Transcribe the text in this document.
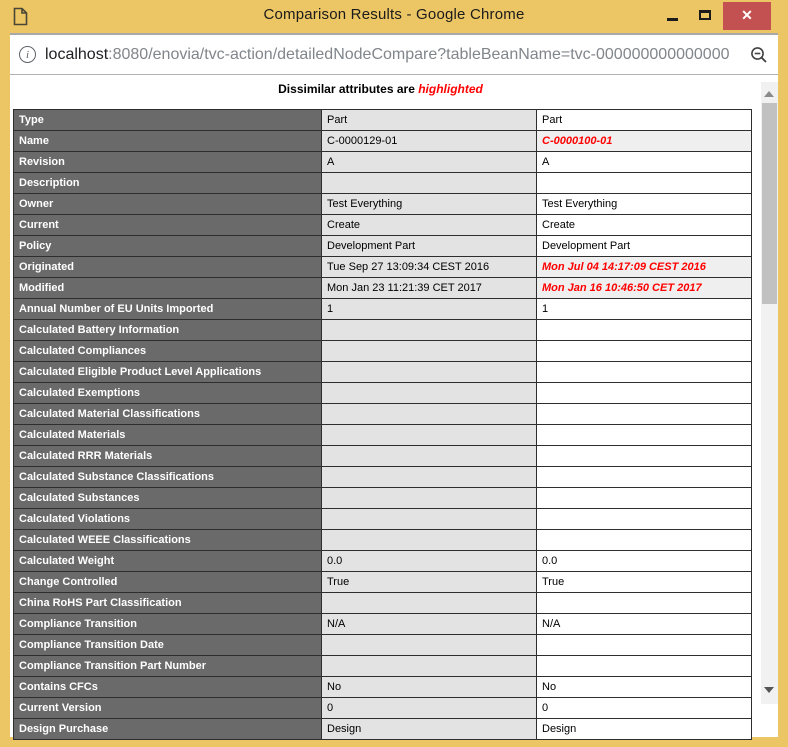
Comparison Results - Google Chrome	✕
i localhost:8080/enovia/tvc-action/detailedNodeCompare?tableBeanName=tvc-000000000000000
Dissimilar attributes are highlighted
Type	Part	Part
Name	C-0000129-01	C-0000100-01
Revision	A	A
Description		
Owner	Test Everything	Test Everything
Current	Create	Create
Policy	Development Part	Development Part
Originated	Tue Sep 27 13:09:34 CEST 2016	Mon Jul 04 14:17:09 CEST 2016
Modified	Mon Jan 23 11:21:39 CET 2017	Mon Jan 16 10:46:50 CET 2017
Annual Number of EU Units Imported	1	1
Calculated Battery Information		
Calculated Compliances		
Calculated Eligible Product Level Applications		
Calculated Exemptions		
Calculated Material Classifications		
Calculated Materials		
Calculated RRR Materials		
Calculated Substance Classifications		
Calculated Substances		
Calculated Violations		
Calculated WEEE Classifications		
Calculated Weight	0.0	0.0
Change Controlled	True	True
China RoHS Part Classification		
Compliance Transition	N/A	N/A
Compliance Transition Date		
Compliance Transition Part Number		
Contains CFCs	No	No
Current Version	0	0
Design Purchase	Design	Design
